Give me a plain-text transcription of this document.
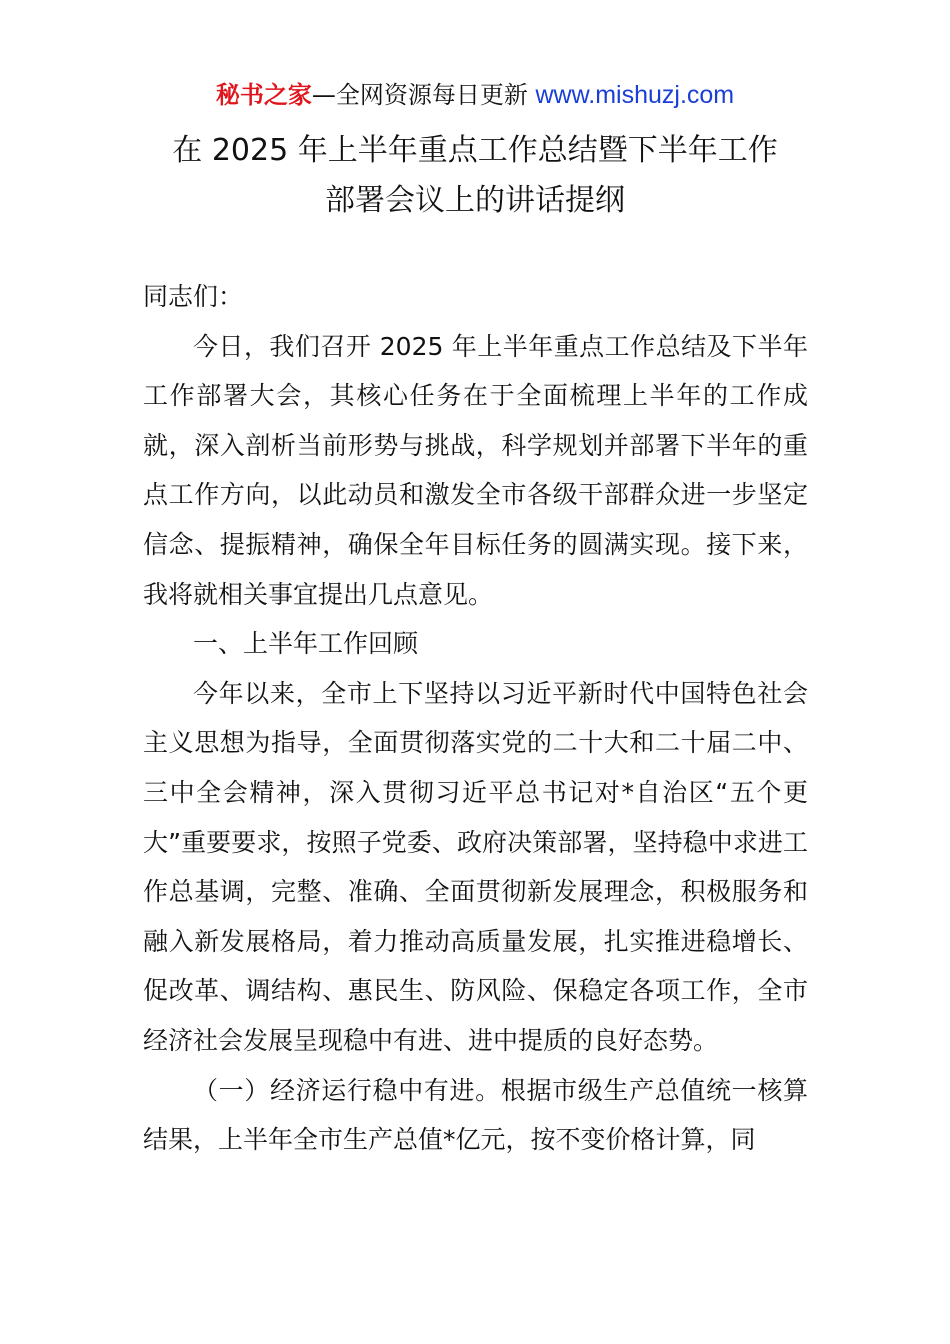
秘书之家—全网资源每日更新 www.mishuzj.com
在 2025 年上半年重点工作总结暨下半年工作
部署会议上的讲话提纲

同志们：

今日，我们召开 2025 年上半年重点工作总结及下半年工作部署大会，其核心任务在于全面梳理上半年的工作成就，深入剖析当前形势与挑战，科学规划并部署下半年的重点工作方向，以此动员和激发全市各级干部群众进一步坚定信念、提振精神，确保全年目标任务的圆满实现。接下来，我将就相关事宜提出几点意见。

一、上半年工作回顾

今年以来，全市上下坚持以习近平新时代中国特色社会主义思想为指导，全面贯彻落实党的二十大和二十届二中、三中全会精神，深入贯彻习近平总书记对*自治区“五个更大”重要要求，按照子党委、政府决策部署，坚持稳中求进工作总基调，完整、准确、全面贯彻新发展理念，积极服务和融入新发展格局，着力推动高质量发展，扎实推进稳增长、促改革、调结构、惠民生、防风险、保稳定各项工作，全市经济社会发展呈现稳中有进、进中提质的良好态势。

（一）经济运行稳中有进。根据市级生产总值统一核算结果，上半年全市生产总值*亿元，按不变价格计算，同
